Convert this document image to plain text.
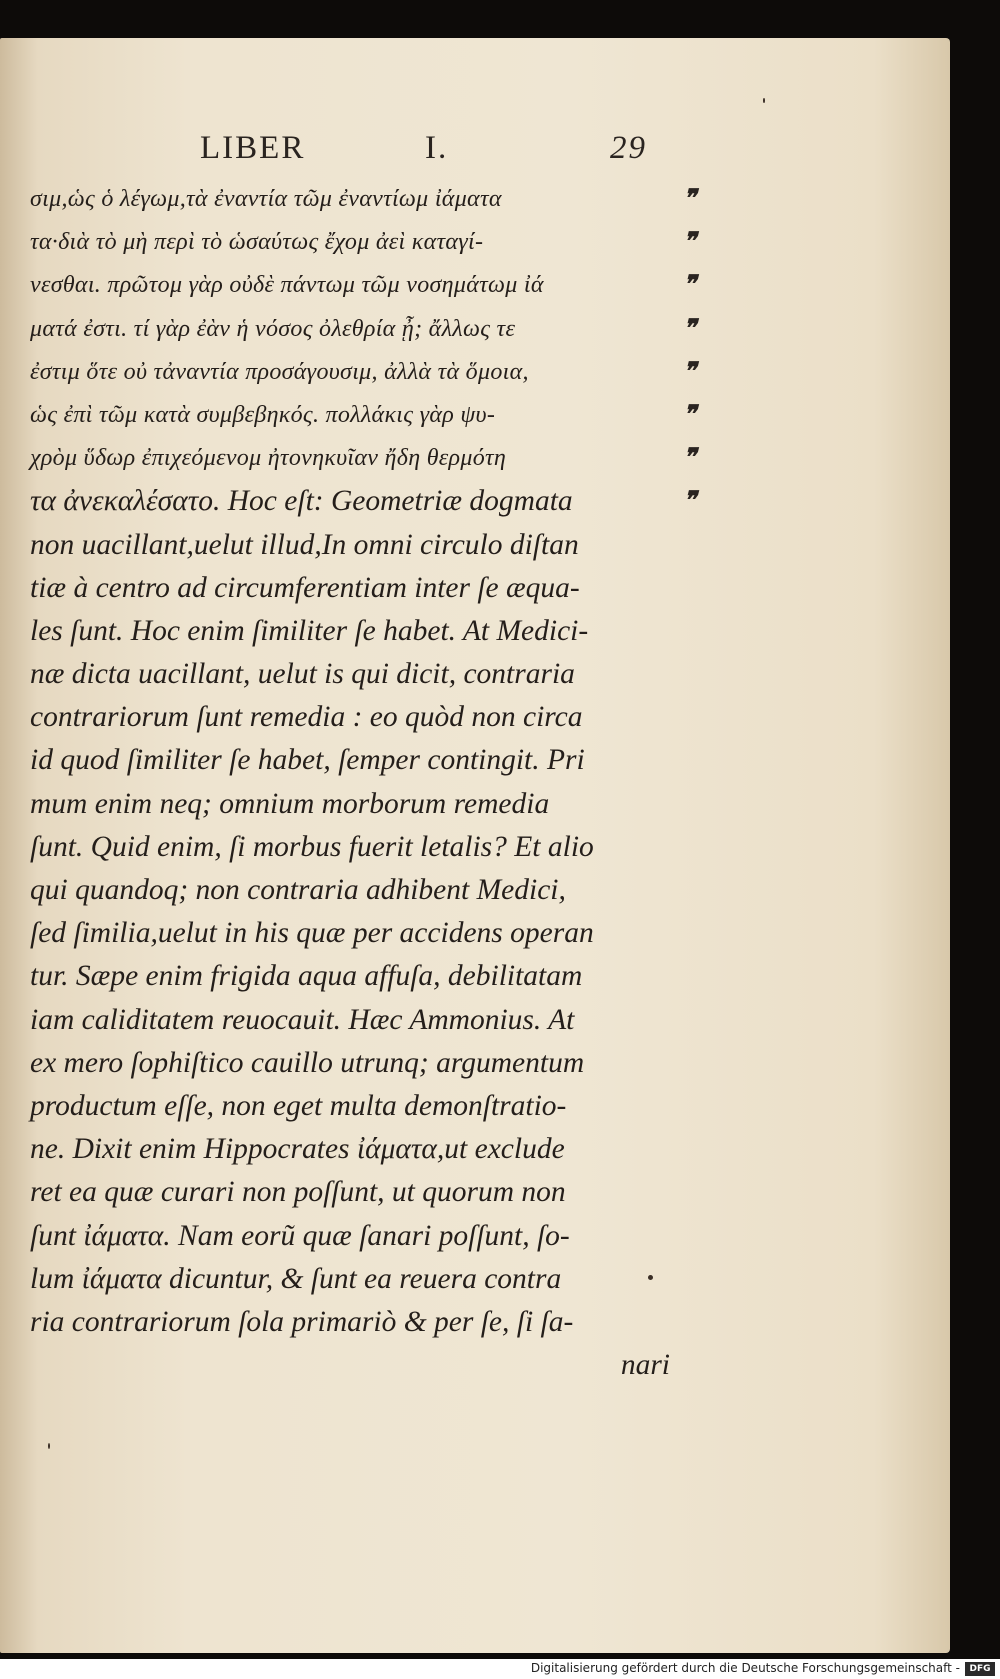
LIBER	I.	29
σιμ,ὡς ὁ λέγωμ,τὰ ἐναντία τῶμ ἐναντίωμ ἰάματα	❞
τα·διὰ τὸ μὴ περὶ τὸ ὡσαύτως ἔχομ ἀεὶ καταγί-	❞
νεσθαι. πρῶτομ γὰρ οὐδὲ πάντωμ τῶμ νοσημάτωμ ἰά	❞
ματά ἐστι. τί γὰρ ἐὰν ἡ νόσος ὀλεθρία ᾖ; ἄλλως τε	❞
ἐστιμ ὅτε οὐ τἀναντία προσάγουσιμ, ἀλλὰ τὰ ὅμοια,	❞
ὡς ἐπὶ τῶμ κατὰ συμβεβηκός. πολλάκις γὰρ ψυ-	❞
χρὸμ ὕδωρ ἐπιχεόμενομ ἠτονηκυῖαν ἤδη θερμότη	❞
τα ἀνεκαλέσατο. Hoc eſt: Geometriæ dogmata	❞
non uacillant,uelut illud,In omni circulo diſtan
tiæ à centro ad circumferentiam inter ſe æqua-
les ſunt. Hoc enim ſimiliter ſe habet. At Medici-
næ dicta uacillant, uelut is qui dicit, contraria
contrariorum ſunt remedia : eo quòd non circa
id quod ſimiliter ſe habet, ſemper contingit. Pri
mum enim neq; omnium morborum remedia
ſunt. Quid enim, ſi morbus fuerit letalis? Et alio
qui quandoq; non contraria adhibent Medici,
ſed ſimilia,uelut in his quæ per accidens operan
tur. Sæpe enim frigida aqua affuſa, debilitatam
iam caliditatem reuocauit. Hæc Ammonius. At
ex mero ſophiſtico cauillo utrunq; argumentum
productum eſſe, non eget multa demonſtratio-
ne. Dixit enim Hippocrates ἰάματα,ut exclude
ret ea quæ curari non poſſunt, ut quorum non
ſunt ἰάματα. Nam eorũ quæ ſanari poſſunt, ſo-
lum ἰάματα dicuntur, & ſunt ea reuera contra
ria contrariorum ſola primariò & per ſe, ſi ſa-
nari
Digitalisierung gefördert durch die Deutsche Forschungsgemeinschaft -	DFG
